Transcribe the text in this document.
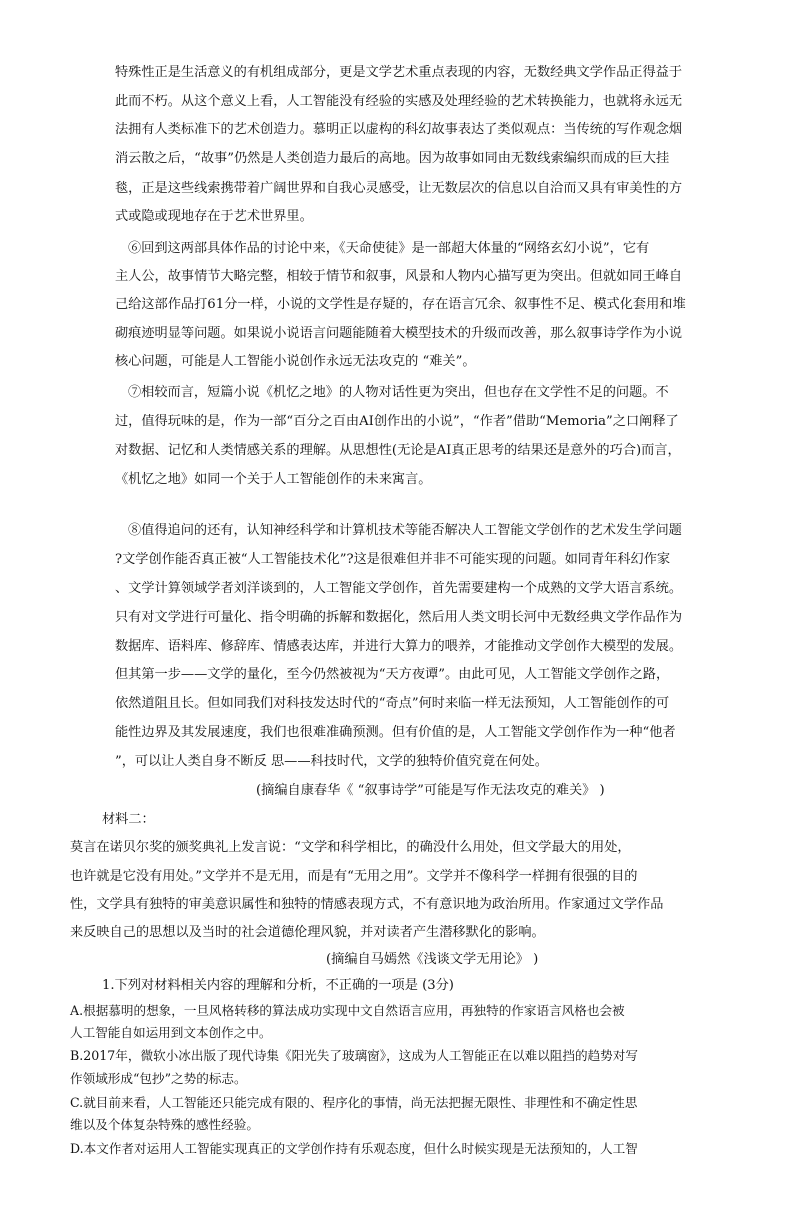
特殊性正是生活意义的有机组成部分，更是文学艺术重点表现的内容，无数经典文学作品正得益于
此而不朽。从这个意义上看，人工智能没有经验的实感及处理经验的艺术转换能力，也就将永远无
法拥有人类标准下的艺术创造力。慕明正以虚构的科幻故事表达了类似观点：当传统的写作观念烟
消云散之后，“故事”仍然是人类创造力最后的高地。因为故事如同由无数线索编织而成的巨大挂
毯，正是这些线索携带着广阔世界和自我心灵感受，让无数层次的信息以自洽而又具有审美性的方
式或隐或现地存在于艺术世界里。
⑥回到这两部具体作品的讨论中来，《天命使徒》是一部超大体量的“网络玄幻小说”，它有
主人公，故事情节大略完整，相较于情节和叙事，风景和人物内心描写更为突出。但就如同王峰自
己给这部作品打61分一样，小说的文学性是存疑的，存在语言冗余、叙事性不足、模式化套用和堆
砌痕迹明显等问题。如果说小说语言问题能随着大模型技术的升级而改善，那么叙事诗学作为小说
核心问题，可能是人工智能小说创作永远无法攻克的 “难关”。
⑦相较而言，短篇小说《机忆之地》的人物对话性更为突出，但也存在文学性不足的问题。不
过，值得玩味的是，作为一部“百分之百由AI创作出的小说”，“作者”借助“Memoria”之口阐释了
对数据、记忆和人类情感关系的理解。从思想性(无论是AI真正思考的结果还是意外的巧合)而言，
《机忆之地》如同一个关于人工智能创作的未来寓言。
⑧值得追问的还有，认知神经科学和计算机技术等能否解决人工智能文学创作的艺术发生学问题
?文学创作能否真正被“人工智能技术化”?这是很难但并非不可能实现的问题。如同青年科幻作家
、文学计算领域学者刘洋谈到的，人工智能文学创作，首先需要建构一个成熟的文学大语言系统。
只有对文学进行可量化、指令明确的拆解和数据化，然后用人类文明长河中无数经典文学作品作为
数据库、语料库、修辞库、情感表达库，并进行大算力的喂养，才能推动文学创作大模型的发展。
但其第一步——文学的量化，至今仍然被视为“天方夜谭”。由此可见，人工智能文学创作之路，
依然道阻且长。但如同我们对科技发达时代的“奇点”何时来临一样无法预知，人工智能创作的可
能性边界及其发展速度，我们也很难准确预测。但有价值的是，人工智能文学创作作为一种“他者
”，可以让人类自身不断反 思——科技时代，文学的独特价值究竟在何处。
(摘编自康春华《 “叙事诗学”可能是写作无法攻克的难关》 )
材料二：
莫言在诺贝尔奖的颁奖典礼上发言说：“文学和科学相比，的确没什么用处，但文学最大的用处，
也许就是它没有用处。”文学并不是无用，而是有“无用之用”。文学并不像科学一样拥有很强的目的
性，文学具有独特的审美意识属性和独特的情感表现方式，不有意识地为政治所用。作家通过文学作品
来反映自己的思想以及当时的社会道德伦理风貌，并对读者产生潜移默化的影响。
(摘编自马嫣然《浅谈文学无用论》 )
1.下列对材料相关内容的理解和分析，不正确的一项是 (3分)
A.根据慕明的想象，一旦风格转移的算法成功实现中文自然语言应用，再独特的作家语言风格也会被
人工智能自如运用到文本创作之中。
B.2017年，微软小冰出版了现代诗集《阳光失了玻璃窗》，这成为人工智能正在以难以阻挡的趋势对写
作领域形成“包抄”之势的标志。
C.就目前来看，人工智能还只能完成有限的、程序化的事情，尚无法把握无限性、非理性和不确定性思
维以及个体复杂特殊的感性经验。
D.本文作者对运用人工智能实现真正的文学创作持有乐观态度，但什么时候实现是无法预知的，人工智
